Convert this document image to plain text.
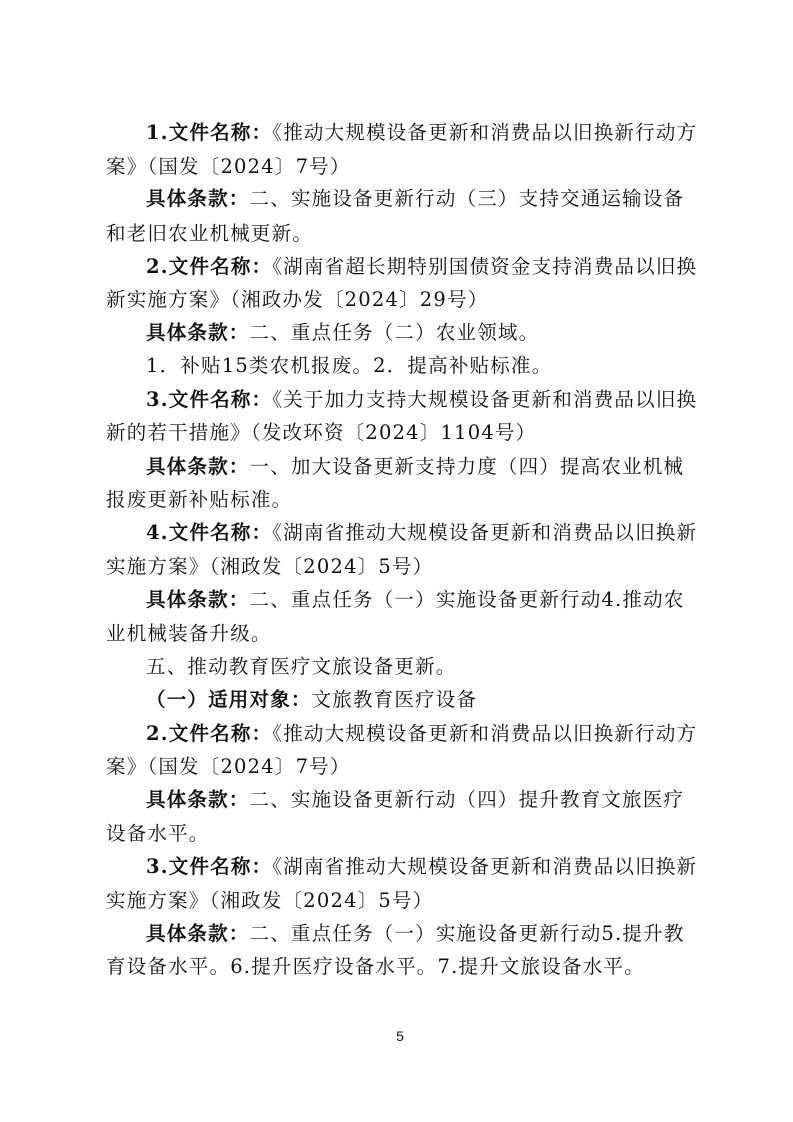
1.文件名称：《推动大规模设备更新和消费品以旧换新行动方
案》（国发〔2024〕7号）
具体条款：二、实施设备更新行动（三）支持交通运输设备
和老旧农业机械更新。
2.文件名称：《湖南省超长期特别国债资金支持消费品以旧换
新实施方案》（湘政办发〔2024〕29号）
具体条款：二、重点任务（二）农业领域。
1．补贴15类农机报废。2．提高补贴标准。
3.文件名称：《关于加力支持大规模设备更新和消费品以旧换
新的若干措施》（发改环资〔2024〕1104号）
具体条款：一、加大设备更新支持力度（四）提高农业机械
报废更新补贴标准。
4.文件名称：《湖南省推动大规模设备更新和消费品以旧换新
实施方案》（湘政发〔2024〕5号）
具体条款：二、重点任务（一）实施设备更新行动4.推动农
业机械装备升级。
五、推动教育医疗文旅设备更新。
（一）适用对象：文旅教育医疗设备
2.文件名称：《推动大规模设备更新和消费品以旧换新行动方
案》（国发〔2024〕7号）
具体条款：二、实施设备更新行动（四）提升教育文旅医疗
设备水平。
3.文件名称：《湖南省推动大规模设备更新和消费品以旧换新
实施方案》（湘政发〔2024〕5号）
具体条款：二、重点任务（一）实施设备更新行动5.提升教
育设备水平。6.提升医疗设备水平。7.提升文旅设备水平。
5
